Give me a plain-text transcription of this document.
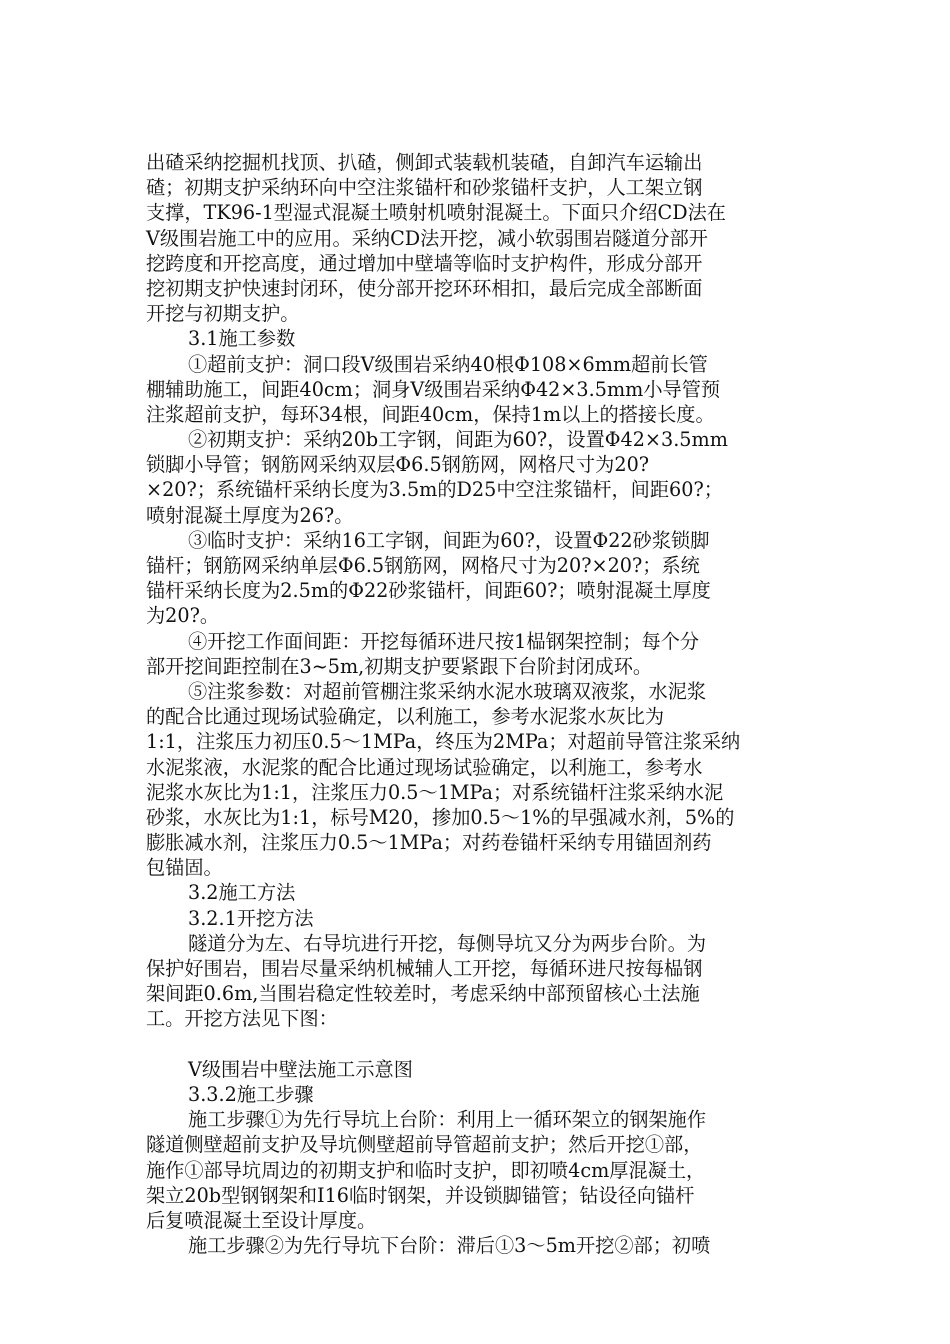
出碴采纳挖掘机找顶、扒碴，侧卸式装载机装碴，自卸汽车运输出
碴；初期支护采纳环向中空注浆锚杆和砂浆锚杆支护，人工架立钢
支撑，TK96-1型湿式混凝土喷射机喷射混凝土。下面只介绍CD法在
Ⅴ级围岩施工中的应用。采纳CD法开挖，减小软弱围岩隧道分部开
挖跨度和开挖高度，通过增加中壁墙等临时支护构件，形成分部开
挖初期支护快速封闭环，使分部开挖环环相扣，最后完成全部断面
开挖与初期支护。
3.1施工参数
①超前支护：洞口段Ⅴ级围岩采纳40根Φ108×6mm超前长管
棚辅助施工，间距40cm；洞身Ⅴ级围岩采纳Φ42×3.5mm小导管预
注浆超前支护，每环34根，间距40cm，保持1m以上的搭接长度。
②初期支护：采纳20b工字钢，间距为60?，设置Φ42×3.5mm
锁脚小导管；钢筋网采纳双层Φ6.5钢筋网，网格尺寸为20?
×20?；系统锚杆采纳长度为3.5m的D25中空注浆锚杆，间距60?；
喷射混凝土厚度为26?。
③临时支护：采纳16工字钢，间距为60?，设置Φ22砂浆锁脚
锚杆；钢筋网采纳单层Φ6.5钢筋网，网格尺寸为20?×20?；系统
锚杆采纳长度为2.5m的Φ22砂浆锚杆，间距60?；喷射混凝土厚度
为20?。
④开挖工作面间距：开挖每循环进尺按1榀钢架控制；每个分
部开挖间距控制在3~5m,初期支护要紧跟下台阶封闭成环。
⑤注浆参数：对超前管棚注浆采纳水泥水玻璃双液浆，水泥浆
的配合比通过现场试验确定，以利施工，参考水泥浆水灰比为
1:1，注浆压力初压0.5～1MPa，终压为2MPa；对超前导管注浆采纳
水泥浆液，水泥浆的配合比通过现场试验确定，以利施工，参考水
泥浆水灰比为1:1，注浆压力0.5～1MPa；对系统锚杆注浆采纳水泥
砂浆，水灰比为1:1，标号M20，掺加0.5～1%的早强减水剂，5%的
膨胀减水剂，注浆压力0.5～1MPa；对药卷锚杆采纳专用锚固剂药
包锚固。
3.2施工方法
3.2.1开挖方法
隧道分为左、右导坑进行开挖，每侧导坑又分为两步台阶。为
保护好围岩，围岩尽量采纳机械辅人工开挖，每循环进尺按每榀钢
架间距0.6m,当围岩稳定性较差时，考虑采纳中部预留核心土法施
工。开挖方法见下图：
Ⅴ级围岩中壁法施工示意图
3.3.2施工步骤
施工步骤①为先行导坑上台阶：利用上一循环架立的钢架施作
隧道侧壁超前支护及导坑侧壁超前导管超前支护；然后开挖①部，
施作①部导坑周边的初期支护和临时支护，即初喷4cm厚混凝土，
架立20b型钢钢架和I16临时钢架，并设锁脚锚管；钻设径向锚杆
后复喷混凝土至设计厚度。
施工步骤②为先行导坑下台阶：滞后①3～5m开挖②部；初喷
